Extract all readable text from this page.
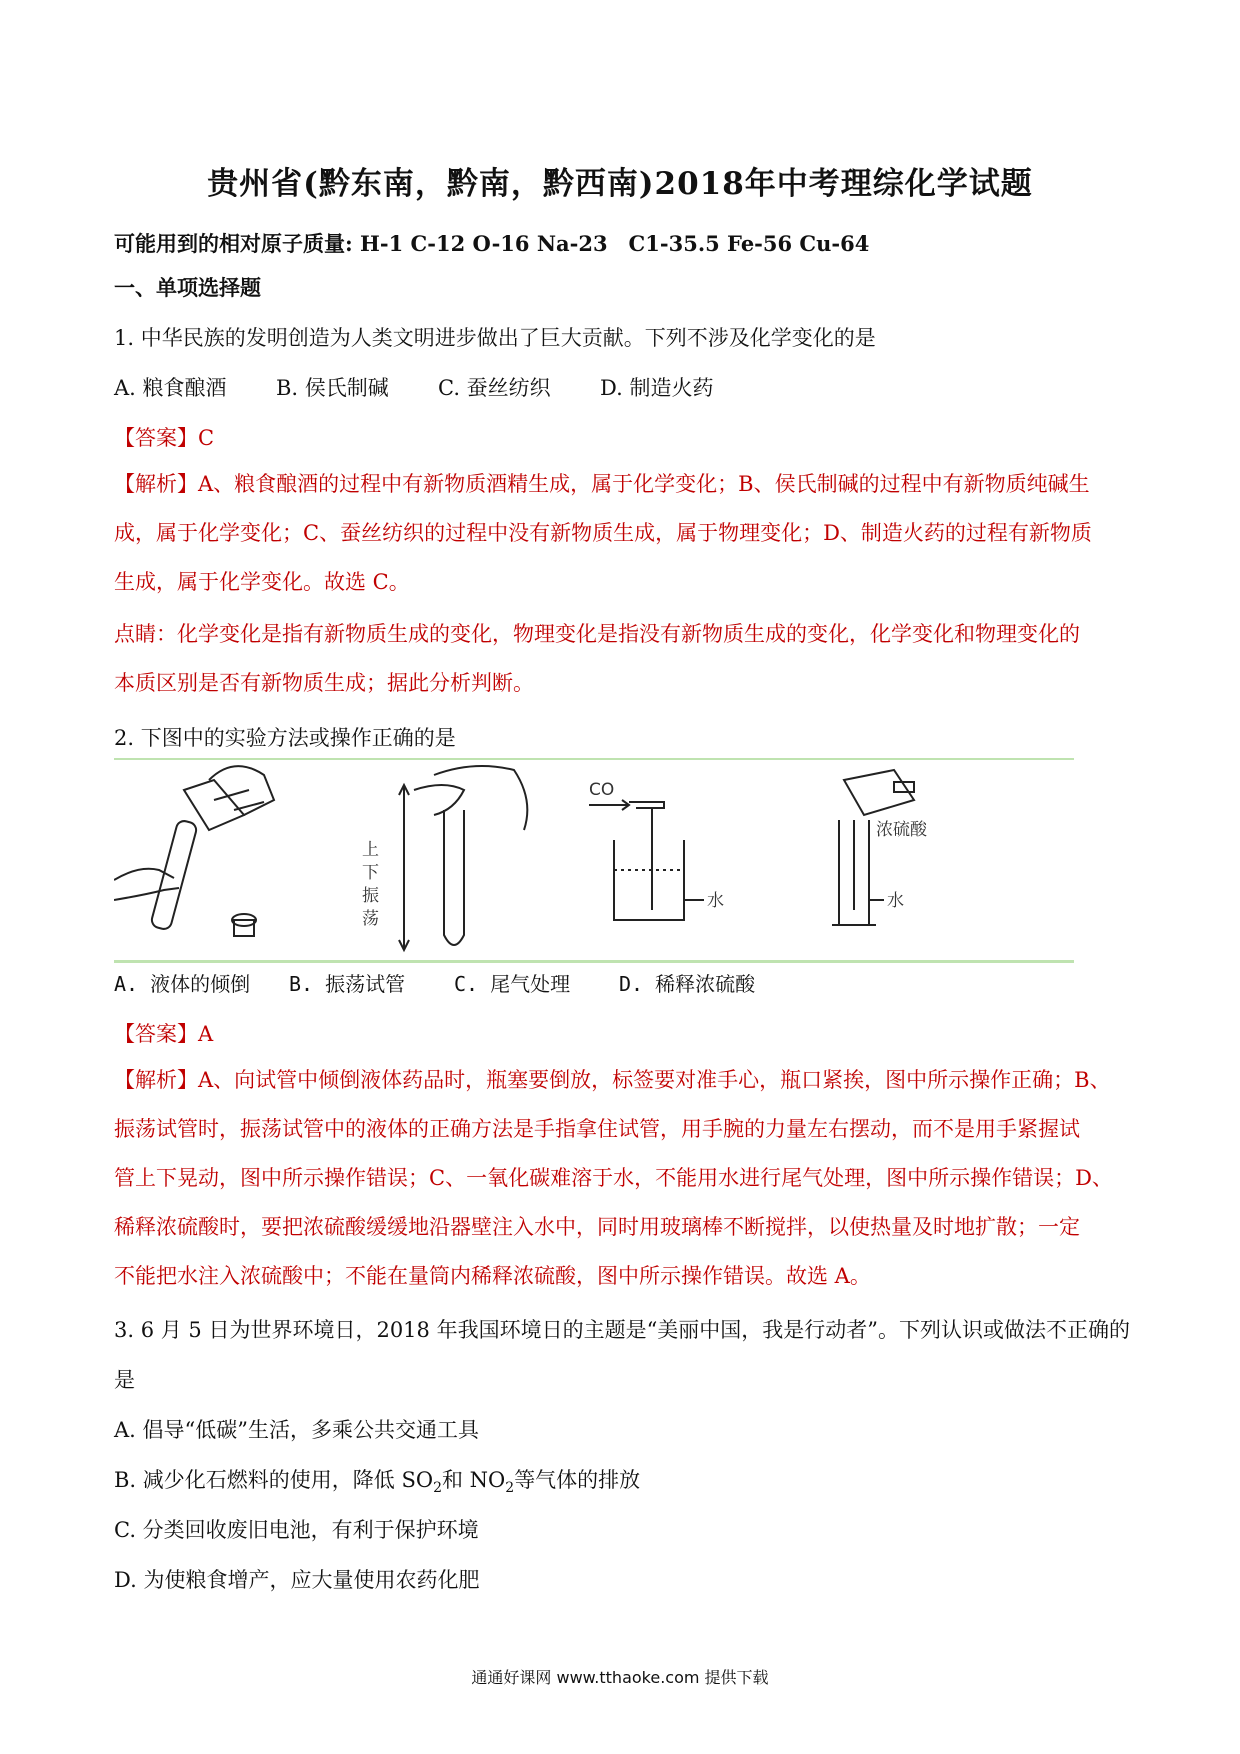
贵州省(黔东南，黔南，黔西南)2018年中考理综化学试题
可能用到的相对原子质量: H-1 C-12 O-16 Na-23　C1-35.5 Fe-56 Cu-64
一、单项选择题
1. 中华民族的发明创造为人类文明进步做出了巨大贡献。下列不涉及化学变化的是
A. 粮食酿酒 B. 侯氏制碱 C. 蚕丝纺织 D. 制造火药
【答案】C
【解析】A、粮食酿酒的过程中有新物质酒精生成，属于化学变化；B、侯氏制碱的过程中有新物质纯碱生
成，属于化学变化；C、蚕丝纺织的过程中没有新物质生成，属于物理变化；D、制造火药的过程有新物质
生成，属于化学变化。故选 C。
点睛：化学变化是指有新物质生成的变化，物理变化是指没有新物质生成的变化，化学变化和物理变化的
本质区别是否有新物质生成；据此分析判断。
2. 下图中的实验方法或操作正确的是
上
下
振
荡
CO
水
浓硫酸
水
A. 液体的倾倒 B. 振荡试管 C. 尾气处理 D. 稀释浓硫酸
【答案】A
【解析】A、向试管中倾倒液体药品时，瓶塞要倒放，标签要对准手心，瓶口紧挨，图中所示操作正确；B、
振荡试管时，振荡试管中的液体的正确方法是手指拿住试管，用手腕的力量左右摆动，而不是用手紧握试
管上下晃动，图中所示操作错误；C、一氧化碳难溶于水，不能用水进行尾气处理，图中所示操作错误；D、
稀释浓硫酸时，要把浓硫酸缓缓地沿器壁注入水中，同时用玻璃棒不断搅拌，以使热量及时地扩散；一定
不能把水注入浓硫酸中；不能在量筒内稀释浓硫酸，图中所示操作错误。故选 A。
3. 6 月 5 日为世界环境日，2018 年我国环境日的主题是“美丽中国，我是行动者”。下列认识或做法不正确的
是
A. 倡导“低碳”生活，多乘公共交通工具
B. 减少化石燃料的使用，降低 $SO_2$和 $NO_2$等气体的排放
C. 分类回收废旧电池，有利于保护环境
D. 为使粮食增产，应大量使用农药化肥
通通好课网 www.tthaoke.com 提供下载
